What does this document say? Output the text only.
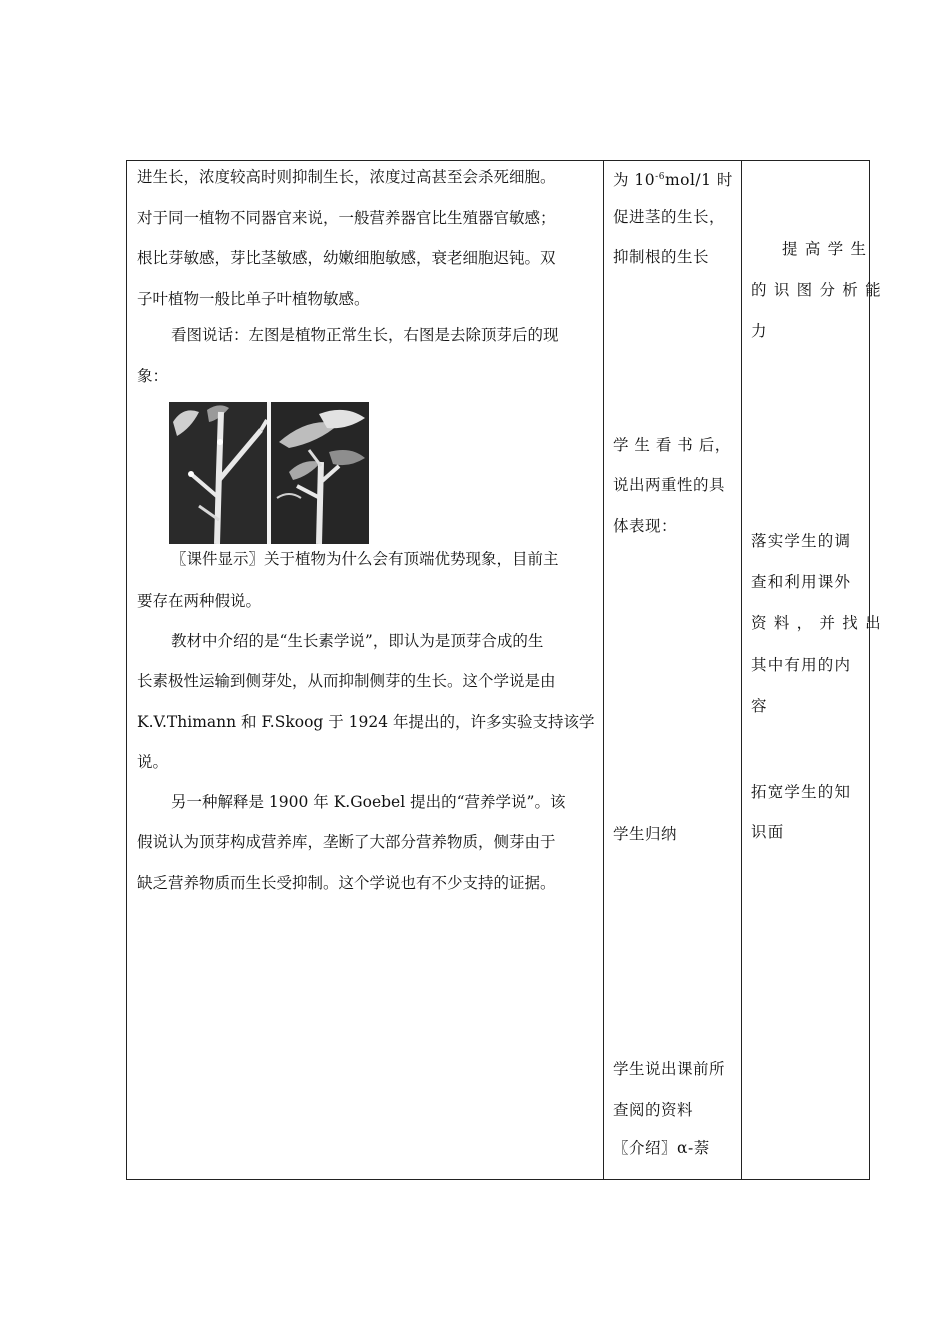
进生长，浓度较高时则抑制生长，浓度过高甚至会杀死细胞。
对于同一植物不同器官来说，一般营养器官比生殖器官敏感；
根比芽敏感，芽比茎敏感，幼嫩细胞敏感，衰老细胞迟钝。双
子叶植物一般比单子叶植物敏感。
看图说话：左图是植物正常生长，右图是去除顶芽后的现
象：
〖课件显示〗关于植物为什么会有顶端优势现象，目前主
要存在两种假说。
教材中介绍的是“生长素学说”，即认为是顶芽合成的生
长素极性运输到侧芽处，从而抑制侧芽的生长。这个学说是由
K.V.Thimann 和 F.Skoog 于 1924 年提出的，许多实验支持该学
说。
另一种解释是 1900 年 K.Goebel 提出的“营养学说”。该
假说认为顶芽构成营养库，垄断了大部分营养物质，侧芽由于
缺乏营养物质而生长受抑制。这个学说也有不少支持的证据。

为 $10^{-6}mol/1$ 时
促进茎的生长，
抑制根的生长
学 生 看 书 后，
说出两重性的具
体表现：
学生归纳
学生说出课前所
查阅的资料
〖介绍〗α-萘

提 高 学 生
的 识 图 分 析 能
力
落实学生的调
查和利用课外
资 料 ， 并 找 出
其中有用的内
容
拓宽学生的知
识面
